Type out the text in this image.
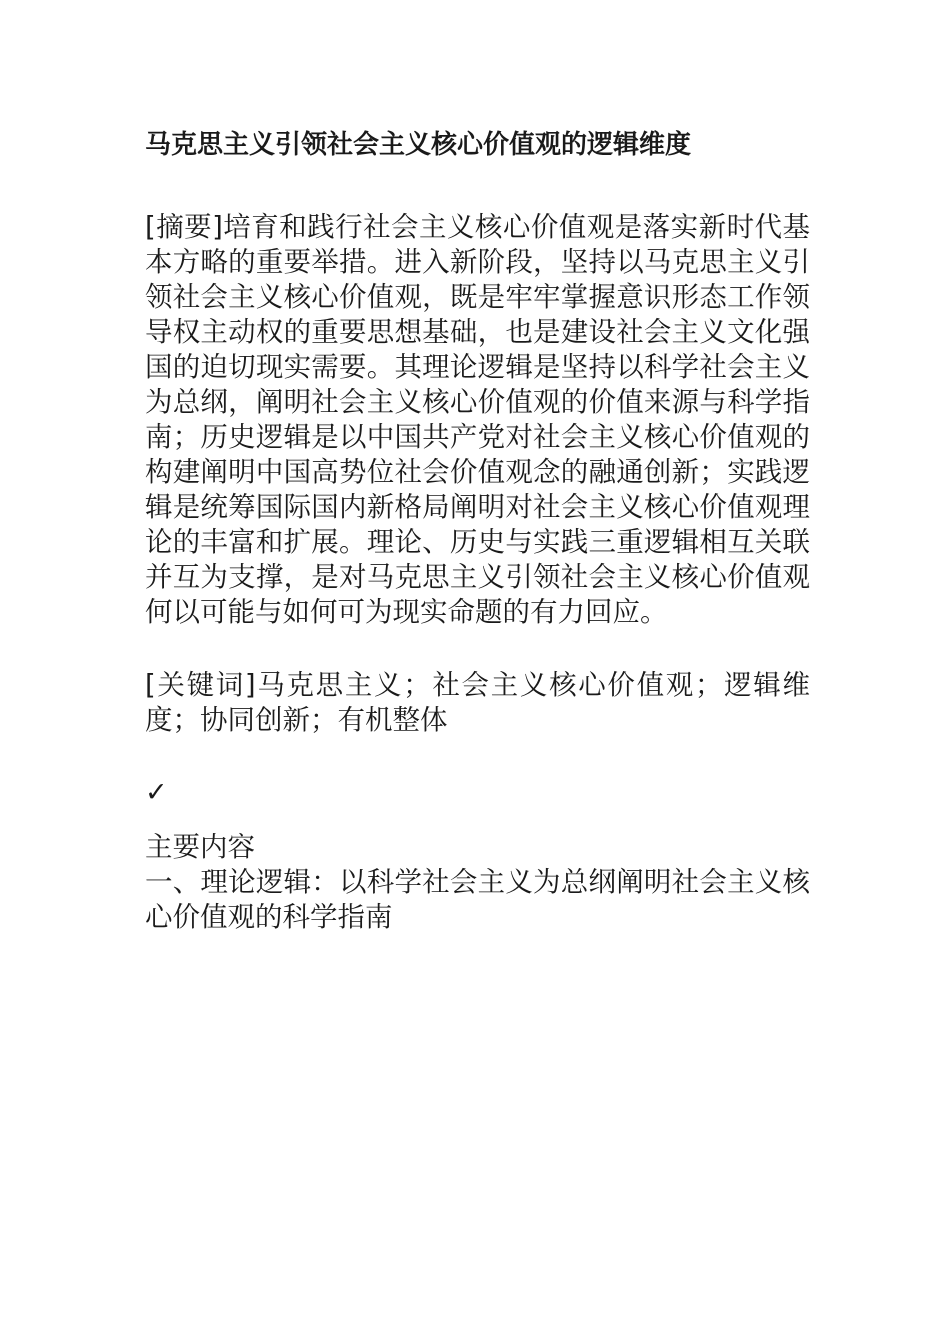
马克思主义引领社会主义核心价值观的逻辑维度

[摘要]培育和践行社会主义核心价值观是落实新时代基本方略的重要举措。进入新阶段，坚持以马克思主义引领社会主义核心价值观，既是牢牢掌握意识形态工作领导权主动权的重要思想基础，也是建设社会主义文化强国的迫切现实需要。其理论逻辑是坚持以科学社会主义为总纲，阐明社会主义核心价值观的价值来源与科学指南；历史逻辑是以中国共产党对社会主义核心价值观的构建阐明中国高势位社会价值观念的融通创新；实践逻辑是统筹国际国内新格局阐明对社会主义核心价值观理论的丰富和扩展。理论、历史与实践三重逻辑相互关联并互为支撑，是对马克思主义引领社会主义核心价值观何以可能与如何可为现实命题的有力回应。

[关键词]马克思主义；社会主义核心价值观；逻辑维度；协同创新；有机整体

✓

主要内容
一、理论逻辑：以科学社会主义为总纲阐明社会主义核心价值观的科学指南
